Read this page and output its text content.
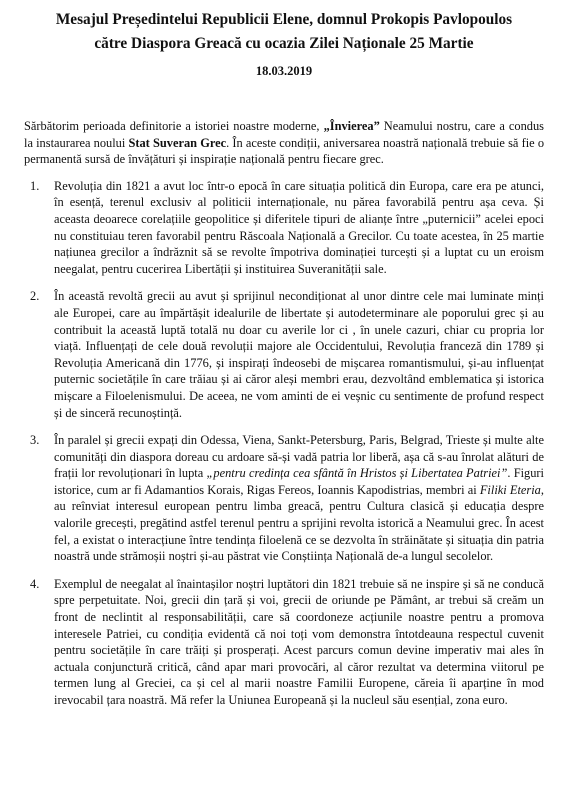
Mesajul Președintelui Republicii Elene, domnul Prokopis Pavlopoulos

către Diaspora Greacă cu ocazia Zilei Naționale 25 Martie

18.03.2019

Sărbătorim perioada definitorie a istoriei noastre moderne, „Învierea” Neamului nostru, care a condus la instaurarea noului Stat Suveran Grec. În aceste condiții, aniversarea noastră națională trebuie să fie o permanentă sursă de învățături și inspirație națională pentru fiecare grec.

1. Revoluția din 1821 a avut loc într-o epocă în care situația politică din Europa, care era pe atunci, în esență, terenul exclusiv al politicii internaționale, nu părea favorabilă pentru așa ceva. Și aceasta deoarece corelațiile geopolitice și diferitele tipuri de alianțe între „puternicii” acelei epoci nu constituiau teren favorabil pentru Răscoala Națională a Grecilor. Cu toate acestea, în 25 martie națiunea grecilor a îndrăznit să se revolte împotriva dominației turcești și a luptat cu un eroism neegalat, pentru cucerirea Libertății și instituirea Suveranității sale.
2. În această revoltă grecii au avut și sprijinul necondiționat al unor dintre cele mai luminate minți ale Europei, care au împărtășit idealurile de libertate și autodeterminare ale poporului grec și au contribuit la această luptă totală nu doar cu averile lor ci , în unele cazuri, chiar cu propria lor viață. Influențați de cele două revoluții majore ale Occidentului, Revoluția franceză din 1789 și Revoluția Americană din 1776, și inspirați îndeosebi de mișcarea romantismului, și-au influențat puternic societățile în care trăiau și ai căror aleși membri erau, dezvoltând emblematica și istorica mișcare a Filoelenismului. De aceea, ne vom aminti de ei veșnic cu sentimente de profund respect și de sinceră recunoștință.
3. În paralel și grecii expați din Odessa, Viena, Sankt-Petersburg, Paris, Belgrad, Trieste și multe alte comunități din diaspora doreau cu ardoare să-și vadă patria lor liberă, așa că s-au înrolat alături de frații lor revoluționari în lupta „pentru credința cea sfântă în Hristos și Libertatea Patriei”. Figuri istorice, cum ar fi Adamantios Korais, Rigas Fereos, Ioannis Kapodistrias, membri ai Filiki Eteria, au reînviat interesul european pentru limba greacă, pentru Cultura clasică și educația despre valorile grecești, pregătind astfel terenul pentru a sprijini revolta istorică a Neamului grec. În acest fel, a existat o interacțiune între tendința filoelenă ce se dezvolta în străinătate și situația din patria noastră unde strămoșii noștri și-au păstrat vie Conștiința Națională de-a lungul secolelor.
4. Exemplul de neegalat al înaintașilor noștri luptători din 1821 trebuie să ne inspire și să ne conducă spre perpetuitate. Noi, grecii din țară și voi, grecii de oriunde pe Pământ, ar trebui să creăm un front de neclintit al responsabilității, care să coordoneze acțiunile noastre pentru a promova interesele Patriei, cu condiția evidentă că noi toți vom demonstra întotdeauna respectul cuvenit pentru societățile în care trăiți și prosperați. Acest parcurs comun devine imperativ mai ales în actuala conjunctură critică, când apar mari provocări, al căror rezultat va determina viitorul pe termen lung al Greciei, ca și cel al marii noastre Familii Europene, căreia îi aparține în mod irevocabil țara noastră. Mă refer la Uniunea Europeană și la nucleul său esențial, zona euro.
